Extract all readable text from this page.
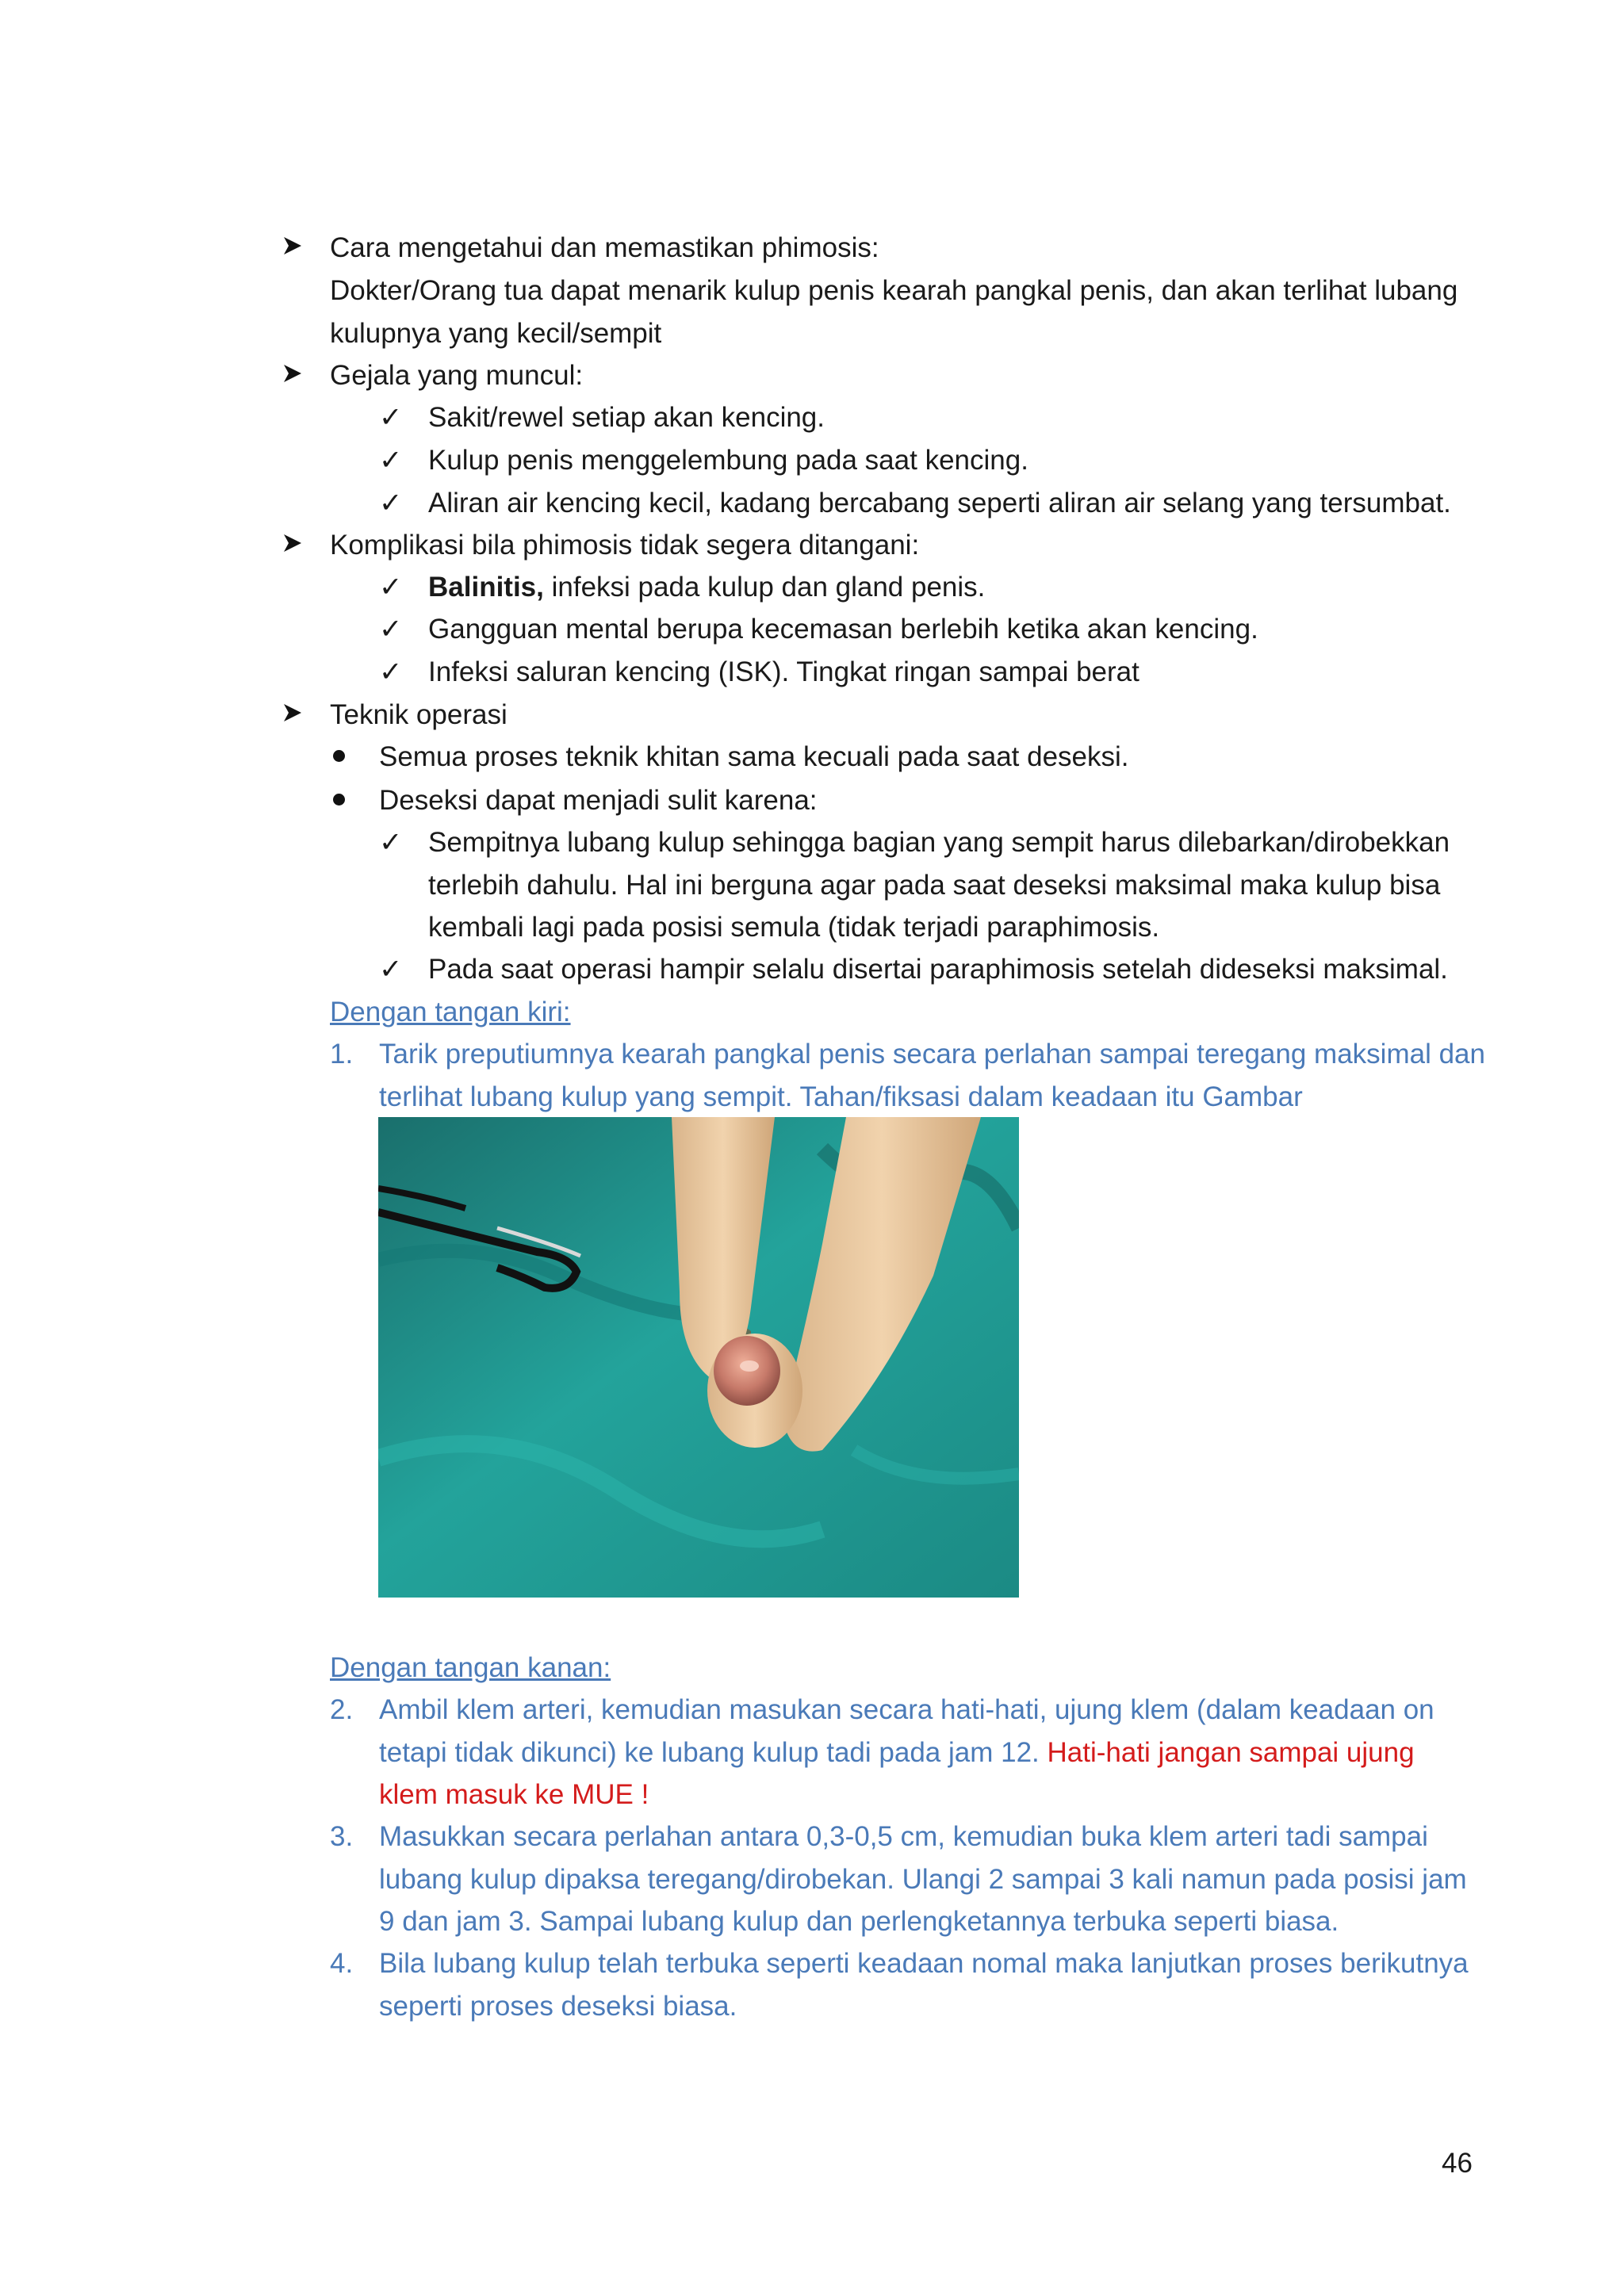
Cara mengetahui dan memastikan phimosis:
Dokter/Orang tua dapat menarik kulup penis kearah pangkal penis, dan akan terlihat lubang
kulupnya yang kecil/sempit
Gejala yang muncul:
✓ Sakit/rewel setiap akan kencing.
✓ Kulup penis menggelembung pada saat kencing.
✓ Aliran air kencing kecil, kadang bercabang seperti aliran air selang yang tersumbat.
Komplikasi bila phimosis tidak segera ditangani:
✓ Balinitis, infeksi pada kulup dan gland penis.
✓ Gangguan mental berupa kecemasan berlebih ketika akan kencing.
✓ Infeksi saluran kencing (ISK). Tingkat ringan sampai berat
Teknik operasi
Semua proses teknik khitan sama kecuali pada saat deseksi.
Deseksi dapat menjadi sulit karena:
✓ Sempitnya lubang kulup sehingga bagian yang sempit harus dilebarkan/dirobekkan
terlebih dahulu. Hal ini berguna agar pada saat deseksi maksimal maka kulup bisa
kembali lagi pada posisi semula (tidak terjadi paraphimosis.
✓ Pada saat operasi hampir selalu disertai paraphimosis setelah dideseksi maksimal.
Dengan tangan kiri:
1. Tarik preputiumnya kearah pangkal penis secara perlahan sampai teregang maksimal dan
terlihat lubang kulup yang sempit. Tahan/fiksasi dalam keadaan itu Gambar
Dengan tangan kanan:
2. Ambil klem arteri, kemudian masukan secara hati-hati, ujung klem (dalam keadaan on
tetapi tidak dikunci) ke lubang kulup tadi pada jam 12. Hati-hati jangan sampai ujung
klem masuk ke MUE !
3. Masukkan secara perlahan antara 0,3-0,5 cm, kemudian buka klem arteri tadi sampai
lubang kulup dipaksa teregang/dirobekan. Ulangi 2 sampai 3 kali namun pada posisi jam
9 dan jam 3. Sampai lubang kulup dan perlengketannya terbuka seperti biasa.
4. Bila lubang kulup telah terbuka seperti keadaan nomal maka lanjutkan proses berikutnya
seperti proses deseksi biasa.
46
